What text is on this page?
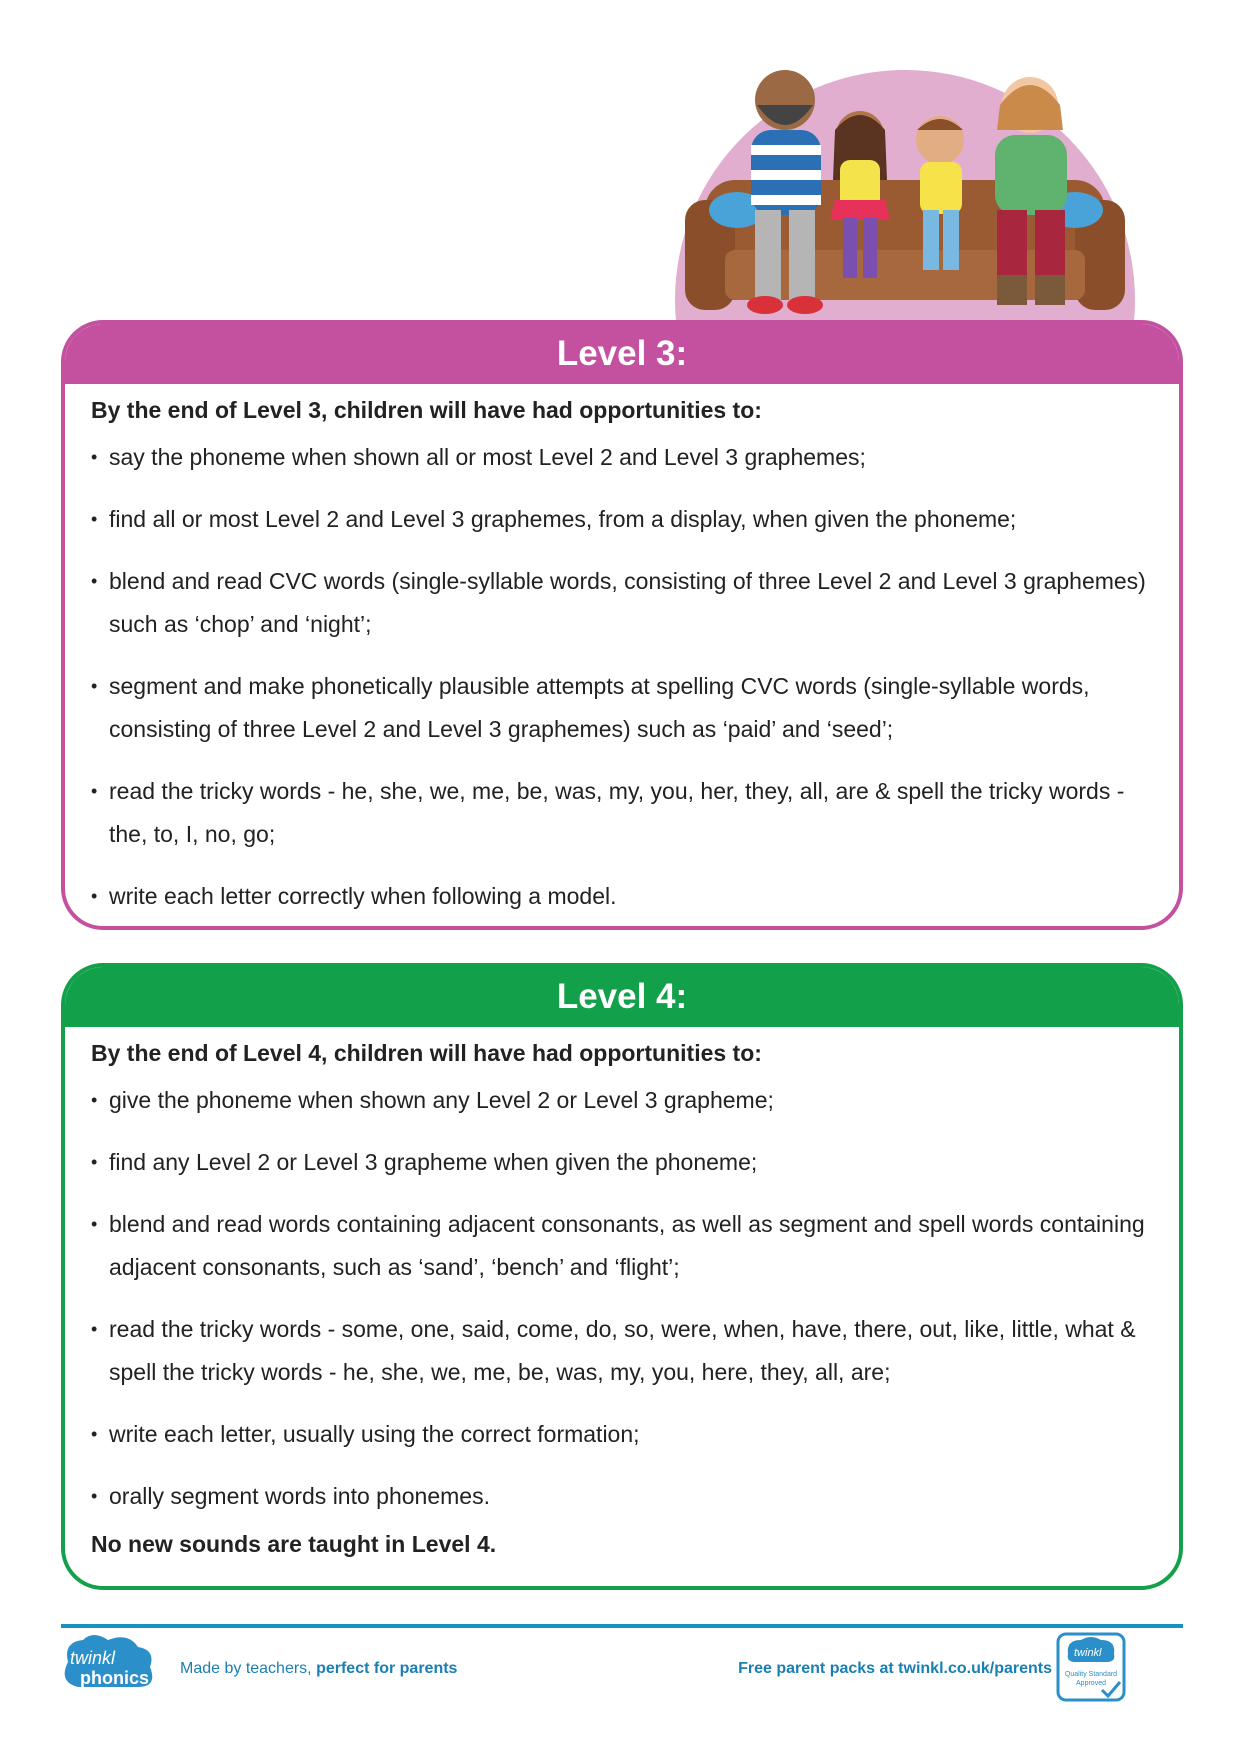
Level 3:

By the end of Level 3, children will have had opportunities to:

• say the phoneme when shown all or most Level 2 and Level 3 graphemes;
• find all or most Level 2 and Level 3 graphemes, from a display, when given the phoneme;
• blend and read CVC words (single-syllable words, consisting of three Level 2 and Level 3 graphemes) such as ‘chop’ and ‘night’;
• segment and make phonetically plausible attempts at spelling CVC words (single-syllable words, consisting of three Level 2 and Level 3 graphemes) such as ‘paid’ and ‘seed’;
• read the tricky words - he, she, we, me, be, was, my, you, her, they, all, are & spell the tricky words - the, to, I, no, go;
• write each letter correctly when following a model.
Level 4:

By the end of Level 4, children will have had opportunities to:

• give the phoneme when shown any Level 2 or Level 3 grapheme;
• find any Level 2 or Level 3 grapheme when given the phoneme;
• blend and read words containing adjacent consonants, as well as segment and spell words containing adjacent consonants, such as ‘sand’, ‘bench’ and ‘flight’;
• read the tricky words - some, one, said, come, do, so, were, when, have, there, out, like, little, what & spell the tricky words - he, she, we, me, be, was, my, you, here, they, all, are;
• write each letter, usually using the correct formation;
• orally segment words into phonemes.

No new sounds are taught in Level 4.

twinkl
phonics Made by teachers, perfect for parents	Free parent packs at twinkl.co.uk/parents
twinkl
Quality Standard
Approved
